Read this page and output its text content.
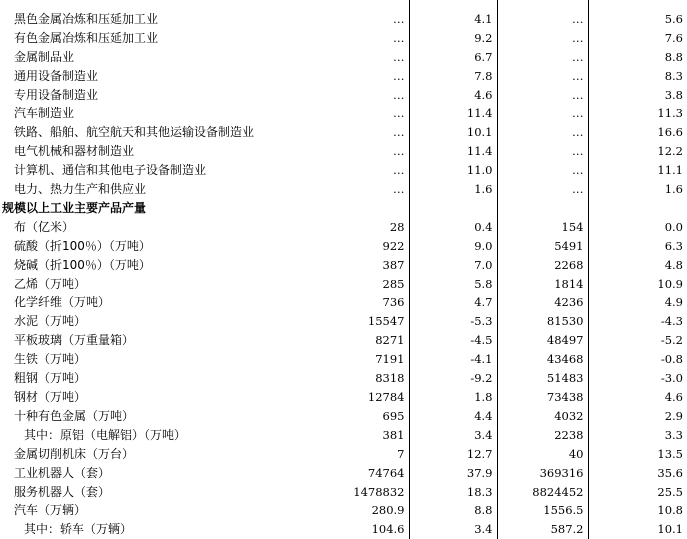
黑色金属冶炼和压延加工业	…	4.1	…	5.6
有色金属冶炼和压延加工业	…	9.2	…	7.6
金属制品业	…	6.7	…	8.8
通用设备制造业	…	7.8	…	8.3
专用设备制造业	…	4.6	…	3.8
汽车制造业	…	11.4	…	11.3
铁路、船舶、航空航天和其他运输设备制造业	…	10.1	…	16.6
电气机械和器材制造业	…	11.4	…	12.2
计算机、通信和其他电子设备制造业	…	11.0	…	11.1
电力、热力生产和供应业	…	1.6	…	1.6
规模以上工业主要产品产量				
布（亿米）	28	0.4	154	0.0
硫酸（折100％）（万吨）	922	9.0	5491	6.3
烧碱（折100％）（万吨）	387	7.0	2268	4.8
乙烯（万吨）	285	5.8	1814	10.9
化学纤维（万吨）	736	4.7	4236	4.9
水泥（万吨）	15547	-5.3	81530	-4.3
平板玻璃（万重量箱）	8271	-4.5	48497	-5.2
生铁（万吨）	7191	-4.1	43468	-0.8
粗钢（万吨）	8318	-9.2	51483	-3.0
钢材（万吨）	12784	1.8	73438	4.6
十种有色金属（万吨）	695	4.4	4032	2.9
其中：原铝（电解铝）（万吨）	381	3.4	2238	3.3
金属切削机床（万台）	7	12.7	40	13.5
工业机器人（套）	74764	37.9	369316	35.6
服务机器人（套）	1478832	18.3	8824452	25.5
汽车（万辆）	280.9	8.8	1556.5	10.8
其中：轿车（万辆）	104.6	3.4	587.2	10.1
